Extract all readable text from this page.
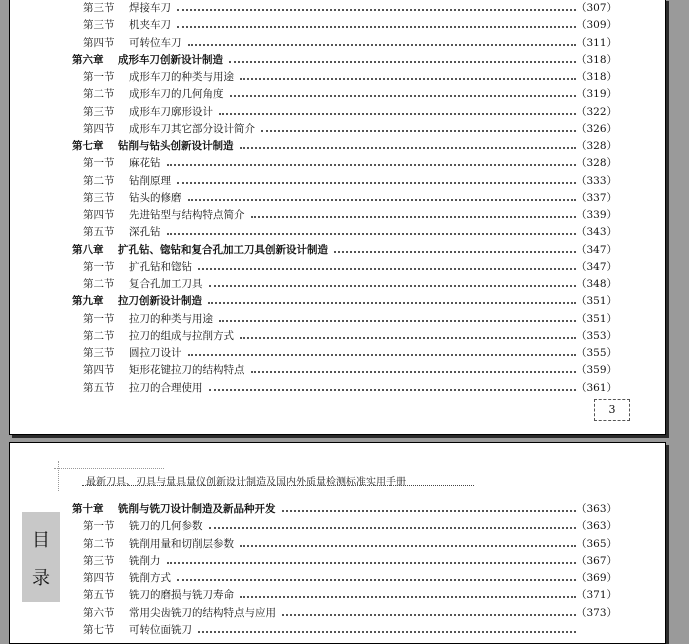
第三节 焊接车刀	（307）
第三节 机夹车刀	（309）
第四节 可转位车刀	（311）
第六章 成形车刀创新设计制造	（318）
第一节 成形车刀的种类与用途	（318）
第二节 成形车刀的几何角度	（319）
第三节 成形车刀廓形设计	（322）
第四节 成形车刀其它部分设计简介	（326）
第七章 钻削与钻头创新设计制造	（328）
第一节 麻花钻	（328）
第二节 钻削原理	（333）
第三节 钻头的修磨	（337）
第四节 先进钻型与结构特点简介	（339）
第五节 深孔钻	（343）
第八章 扩孔钻、锪钻和复合孔加工刀具创新设计制造	（347）
第一节 扩孔钻和锪钻	（347）
第二节 复合孔加工刀具	（348）
第九章 拉刀创新设计制造	（351）
第一节 拉刀的种类与用途	（351）
第二节 拉刀的组成与拉削方式	（353）
第三节 圆拉刀设计	（355）
第四节 矩形花键拉刀的结构特点	（359）
第五节 拉刀的合理使用	（361）
3
最新刀具、刃具与量具量仪创新设计制造及国内外质量检测标准实用手册
目
录
第十章 铣削与铣刀设计制造及新品种开发	（363）
第一节 铣刀的几何参数	（363）
第二节 铣削用量和切削层参数	（365）
第三节 铣削力	（367）
第四节 铣削方式	（369）
第五节 铣刀的磨损与铣刀寿命	（371）
第六节 常用尖齿铣刀的结构特点与应用	（373）
第七节 可转位面铣刀
